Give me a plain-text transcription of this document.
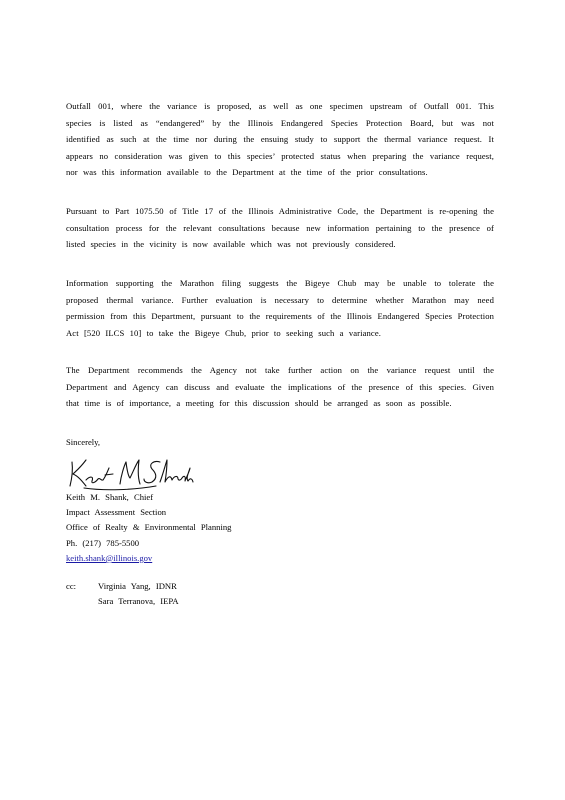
Outfall 001, where the variance is proposed, as well as one specimen upstream of Outfall 001. This species is listed as “endangered” by the Illinois Endangered Species Protection Board, but was not identified as such at the time nor during the ensuing study to support the thermal variance request. It appears no consideration was given to this species’ protected status when preparing the variance request, nor was this information available to the Department at the time of the prior consultations.

Pursuant to Part 1075.50 of Title 17 of the Illinois Administrative Code, the Department is re-opening the consultation process for the relevant consultations because new information pertaining to the presence of listed species in the vicinity is now available which was not previously considered.

Information supporting the Marathon filing suggests the Bigeye Chub may be unable to tolerate the proposed thermal variance. Further evaluation is necessary to determine whether Marathon may need permission from this Department, pursuant to the requirements of the Illinois Endangered Species Protection Act [520 ILCS 10] to take the Bigeye Chub, prior to seeking such a variance.

The Department recommends the Agency not take further action on the variance request until the Department and Agency can discuss and evaluate the implications of the presence of this species. Given that time is of importance, a meeting for this discussion should be arranged as soon as possible.

Sincerely,
Keith M. Shank, Chief
Impact Assessment Section
Office of Realty & Environmental Planning
Ph. (217) 785-5500
keith.shank@illinois.gov
cc:	Virginia Yang, IDNR
Sara Terranova, IEPA
